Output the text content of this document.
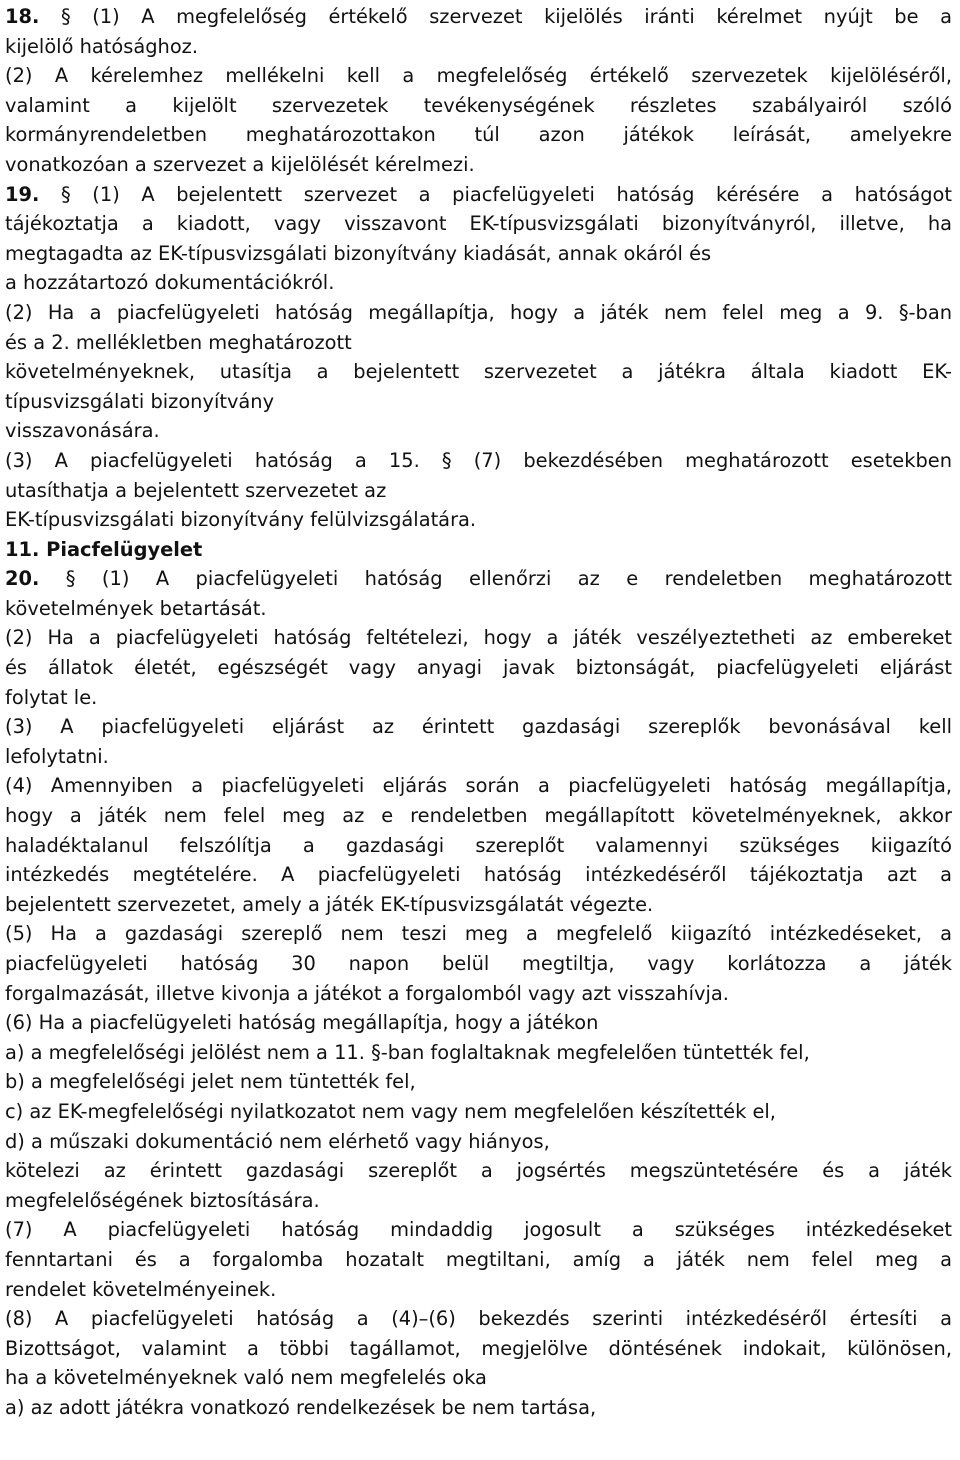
18. § (1) A megfelelőség értékelő szervezet kijelölés iránti kérelmet nyújt be a
kijelölő hatósághoz.
(2) A kérelemhez mellékelni kell a megfelelőség értékelő szervezetek kijelöléséről,
valamint a kijelölt szervezetek tevékenységének részletes szabályairól szóló
kormányrendeletben meghatározottakon túl azon játékok leírását, amelyekre
vonatkozóan a szervezet a kijelölését kérelmezi.
19. § (1) A bejelentett szervezet a piacfelügyeleti hatóság kérésére a hatóságot
tájékoztatja a kiadott, vagy visszavont EK-típusvizsgálati bizonyítványról, illetve, ha
megtagadta az EK-típusvizsgálati bizonyítvány kiadását, annak okáról és
a hozzátartozó dokumentációkról.
(2) Ha a piacfelügyeleti hatóság megállapítja, hogy a játék nem felel meg a 9. §-ban
és a 2. mellékletben meghatározott
követelményeknek, utasítja a bejelentett szervezetet a játékra általa kiadott EK-
típusvizsgálati bizonyítvány
visszavonására.
(3) A piacfelügyeleti hatóság a 15. § (7) bekezdésében meghatározott esetekben
utasíthatja a bejelentett szervezetet az
EK-típusvizsgálati bizonyítvány felülvizsgálatára.
11. Piacfelügyelet
20. § (1) A piacfelügyeleti hatóság ellenőrzi az e rendeletben meghatározott
követelmények betartását.
(2) Ha a piacfelügyeleti hatóság feltételezi, hogy a játék veszélyeztetheti az embereket
és állatok életét, egészségét vagy anyagi javak biztonságát, piacfelügyeleti eljárást
folytat le.
(3) A piacfelügyeleti eljárást az érintett gazdasági szereplők bevonásával kell
lefolytatni.
(4) Amennyiben a piacfelügyeleti eljárás során a piacfelügyeleti hatóság megállapítja,
hogy a játék nem felel meg az e rendeletben megállapított követelményeknek, akkor
haladéktalanul felszólítja a gazdasági szereplőt valamennyi szükséges kiigazító
intézkedés megtételére. A piacfelügyeleti hatóság intézkedéséről tájékoztatja azt a
bejelentett szervezetet, amely a játék EK-típusvizsgálatát végezte.
(5) Ha a gazdasági szereplő nem teszi meg a megfelelő kiigazító intézkedéseket, a
piacfelügyeleti hatóság 30 napon belül megtiltja, vagy korlátozza a játék
forgalmazását, illetve kivonja a játékot a forgalomból vagy azt visszahívja.
(6) Ha a piacfelügyeleti hatóság megállapítja, hogy a játékon
a) a megfelelőségi jelölést nem a 11. §-ban foglaltaknak megfelelően tüntették fel,
b) a megfelelőségi jelet nem tüntették fel,
c) az EK-megfelelőségi nyilatkozatot nem vagy nem megfelelően készítették el,
d) a műszaki dokumentáció nem elérhető vagy hiányos,
kötelezi az érintett gazdasági szereplőt a jogsértés megszüntetésére és a játék
megfelelőségének biztosítására.
(7) A piacfelügyeleti hatóság mindaddig jogosult a szükséges intézkedéseket
fenntartani és a forgalomba hozatalt megtiltani, amíg a játék nem felel meg a
rendelet követelményeinek.
(8) A piacfelügyeleti hatóság a (4)–(6) bekezdés szerinti intézkedéséről értesíti a
Bizottságot, valamint a többi tagállamot, megjelölve döntésének indokait, különösen,
ha a követelményeknek való nem megfelelés oka
a) az adott játékra vonatkozó rendelkezések be nem tartása,
